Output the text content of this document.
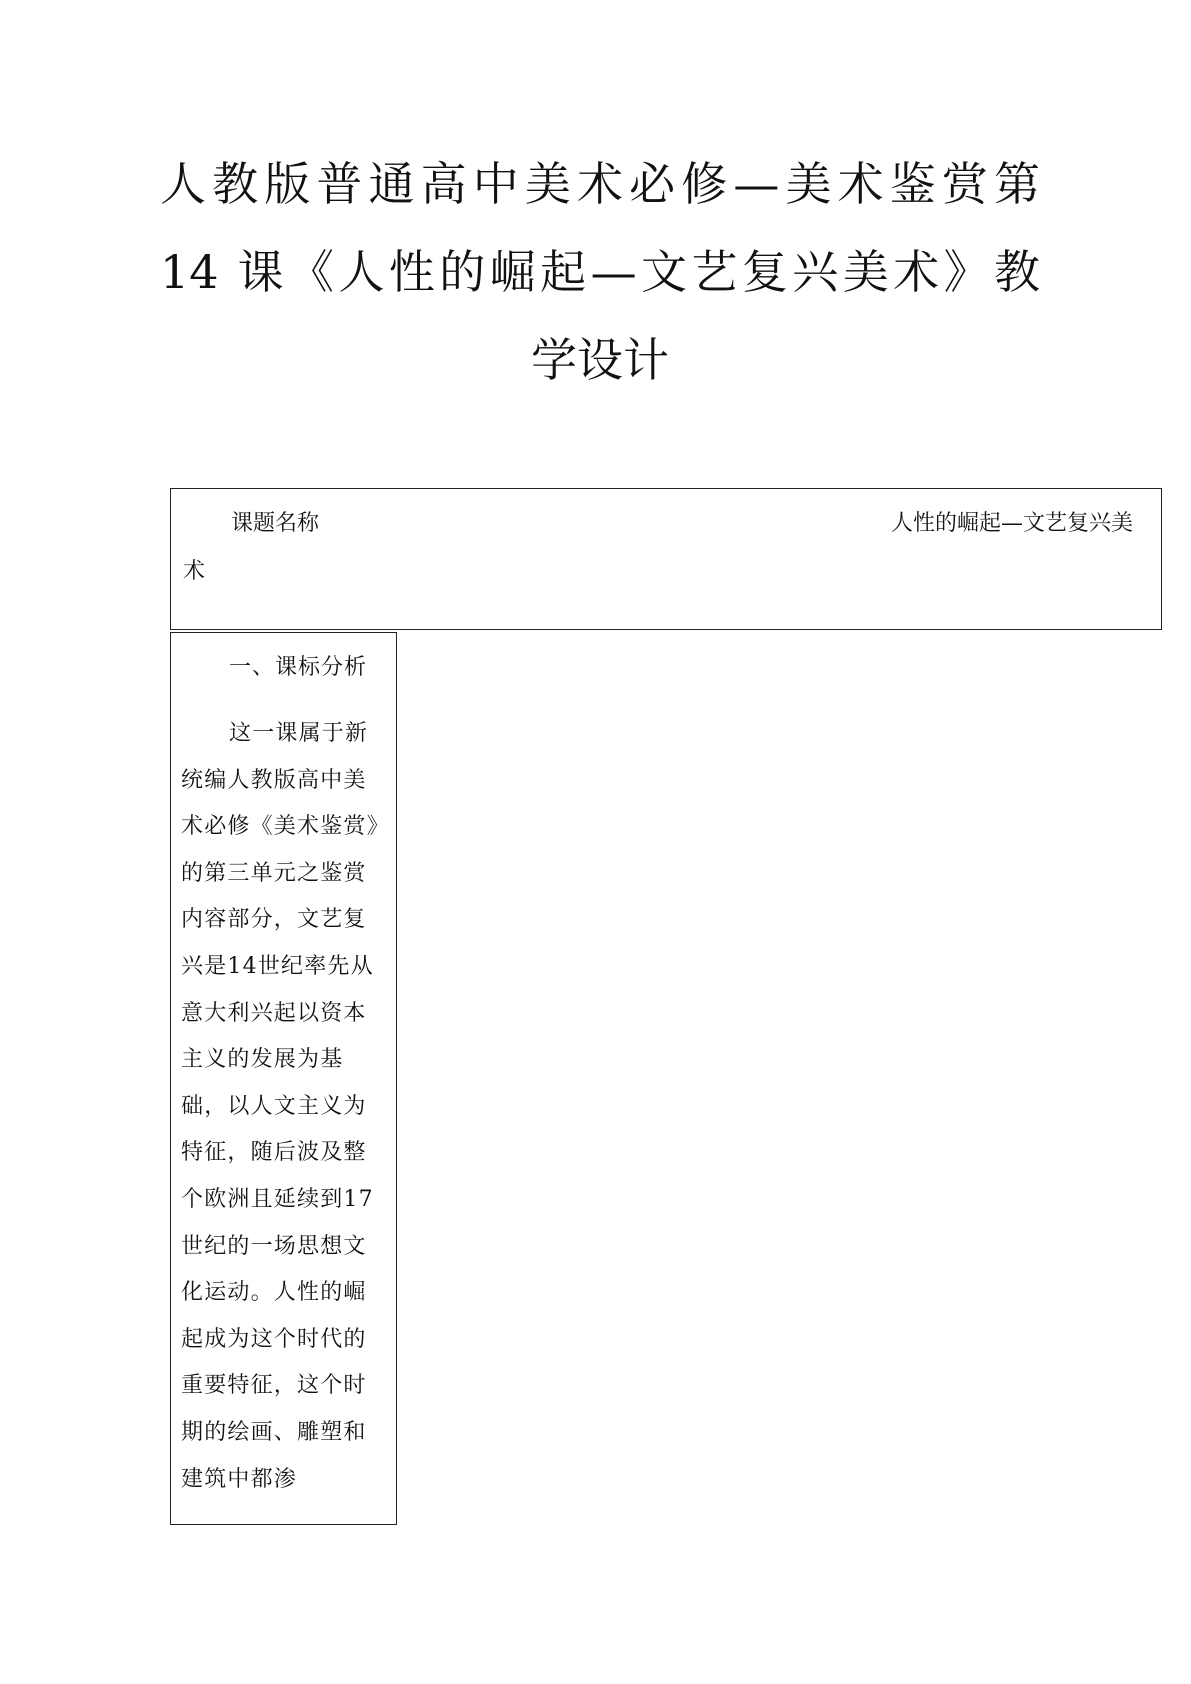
人教版普通高中美术必修—美术鉴赏第
14 课《人性的崛起—文艺复兴美术》教
学设计
课题名称	人性的崛起—文艺复兴美
术

一、课标分析

这一课属于新统编人教版高中美术必修《美术鉴赏》的第三单元之鉴赏内容部分，文艺复兴是14世纪率先从意大利兴起以资本主义的发展为基础，以人文主义为特征，随后波及整个欧洲且延续到17世纪的一场思想文化运动。人性的崛起成为这个时代的重要特征，这个时期的绘画、雕塑和建筑中都渗
